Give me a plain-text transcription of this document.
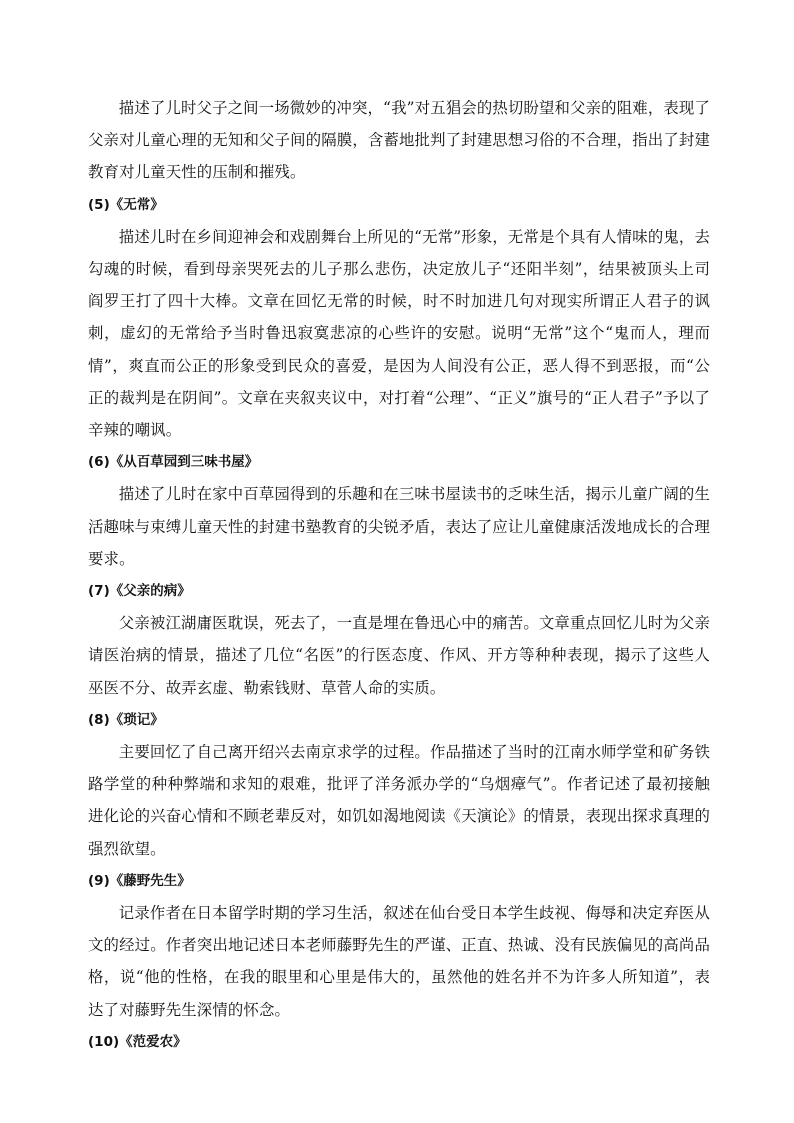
描述了儿时父子之间一场微妙的冲突，“我”对五猖会的热切盼望和父亲的阻难，表现了父亲对儿童心理的无知和父子间的隔膜，含蓄地批判了封建思想习俗的不合理，指出了封建教育对儿童天性的压制和摧残。

(5)《无常》

描述儿时在乡间迎神会和戏剧舞台上所见的“无常”形象，无常是个具有人情味的鬼，去勾魂的时候，看到母亲哭死去的儿子那么悲伤，决定放儿子“还阳半刻”，结果被顶头上司阎罗王打了四十大棒。文章在回忆无常的时候，时不时加进几句对现实所谓正人君子的讽刺，虚幻的无常给予当时鲁迅寂寞悲凉的心些许的安慰。说明“无常”这个“鬼而人，理而情”，爽直而公正的形象受到民众的喜爱，是因为人间没有公正，恶人得不到恶报，而“公正的裁判是在阴间”。文章在夹叙夹议中，对打着“公理”、“正义”旗号的“正人君子”予以了辛辣的嘲讽。

(6)《从百草园到三味书屋》

描述了儿时在家中百草园得到的乐趣和在三味书屋读书的乏味生活，揭示儿童广阔的生活趣味与束缚儿童天性的封建书塾教育的尖锐矛盾，表达了应让儿童健康活泼地成长的合理要求。

(7)《父亲的病》

父亲被江湖庸医耽误，死去了，一直是埋在鲁迅心中的痛苦。文章重点回忆儿时为父亲请医治病的情景，描述了几位“名医”的行医态度、作风、开方等种种表现，揭示了这些人巫医不分、故弄玄虚、勒索钱财、草菅人命的实质。

(8)《琐记》

主要回忆了自己离开绍兴去南京求学的过程。作品描述了当时的江南水师学堂和矿务铁路学堂的种种弊端和求知的艰难，批评了洋务派办学的“乌烟瘴气”。作者记述了最初接触进化论的兴奋心情和不顾老辈反对，如饥如渴地阅读《天演论》的情景，表现出探求真理的强烈欲望。

(9)《藤野先生》

记录作者在日本留学时期的学习生活，叙述在仙台受日本学生歧视、侮辱和决定弃医从文的经过。作者突出地记述日本老师藤野先生的严谨、正直、热诚、没有民族偏见的高尚品格，说“他的性格，在我的眼里和心里是伟大的，虽然他的姓名并不为许多人所知道”，表达了对藤野先生深情的怀念。

(10)《范爱农》
